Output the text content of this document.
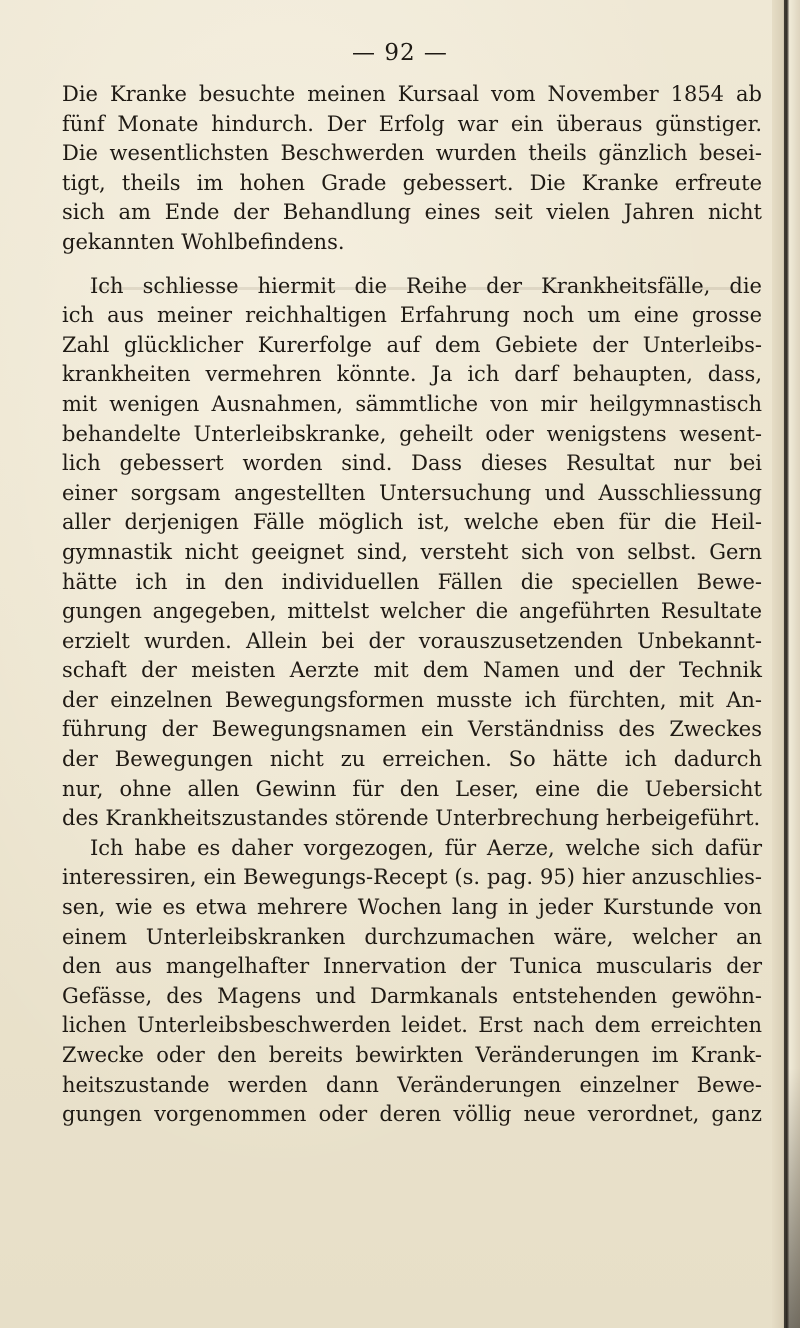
— 92 —
Die Kranke besuchte meinen Kursaal vom November 1854 ab
fünf Monate hindurch. Der Erfolg war ein überaus günstiger.
Die wesentlichsten Beschwerden wurden theils gänzlich besei-
tigt, theils im hohen Grade gebessert. Die Kranke erfreute
sich am Ende der Behandlung eines seit vielen Jahren nicht
gekannten Wohlbefindens.
Ich schliesse hiermit die Reihe der Krankheitsfälle, die
ich aus meiner reichhaltigen Erfahrung noch um eine grosse
Zahl glücklicher Kurerfolge auf dem Gebiete der Unterleibs-
krankheiten vermehren könnte. Ja ich darf behaupten, dass,
mit wenigen Ausnahmen, sämmtliche von mir heilgymnastisch
behandelte Unterleibskranke, geheilt oder wenigstens wesent-
lich gebessert worden sind. Dass dieses Resultat nur bei
einer sorgsam angestellten Untersuchung und Ausschliessung
aller derjenigen Fälle möglich ist, welche eben für die Heil-
gymnastik nicht geeignet sind, versteht sich von selbst. Gern
hätte ich in den individuellen Fällen die speciellen Bewe-
gungen angegeben, mittelst welcher die angeführten Resultate
erzielt wurden. Allein bei der vorauszusetzenden Unbekannt-
schaft der meisten Aerzte mit dem Namen und der Technik
der einzelnen Bewegungsformen musste ich fürchten, mit An-
führung der Bewegungsnamen ein Verständniss des Zweckes
der Bewegungen nicht zu erreichen. So hätte ich dadurch
nur, ohne allen Gewinn für den Leser, eine die Uebersicht
des Krankheitszustandes störende Unterbrechung herbeigeführt.
Ich habe es daher vorgezogen, für Aerze, welche sich dafür
interessiren, ein Bewegungs-Recept (s. pag. 95) hier anzuschlies-
sen, wie es etwa mehrere Wochen lang in jeder Kurstunde von
einem Unterleibskranken durchzumachen wäre, welcher an
den aus mangelhafter Innervation der Tunica muscularis der
Gefässe, des Magens und Darmkanals entstehenden gewöhn-
lichen Unterleibsbeschwerden leidet. Erst nach dem erreichten
Zwecke oder den bereits bewirkten Veränderungen im Krank-
heitszustande werden dann Veränderungen einzelner Bewe-
gungen vorgenommen oder deren völlig neue verordnet, ganz
